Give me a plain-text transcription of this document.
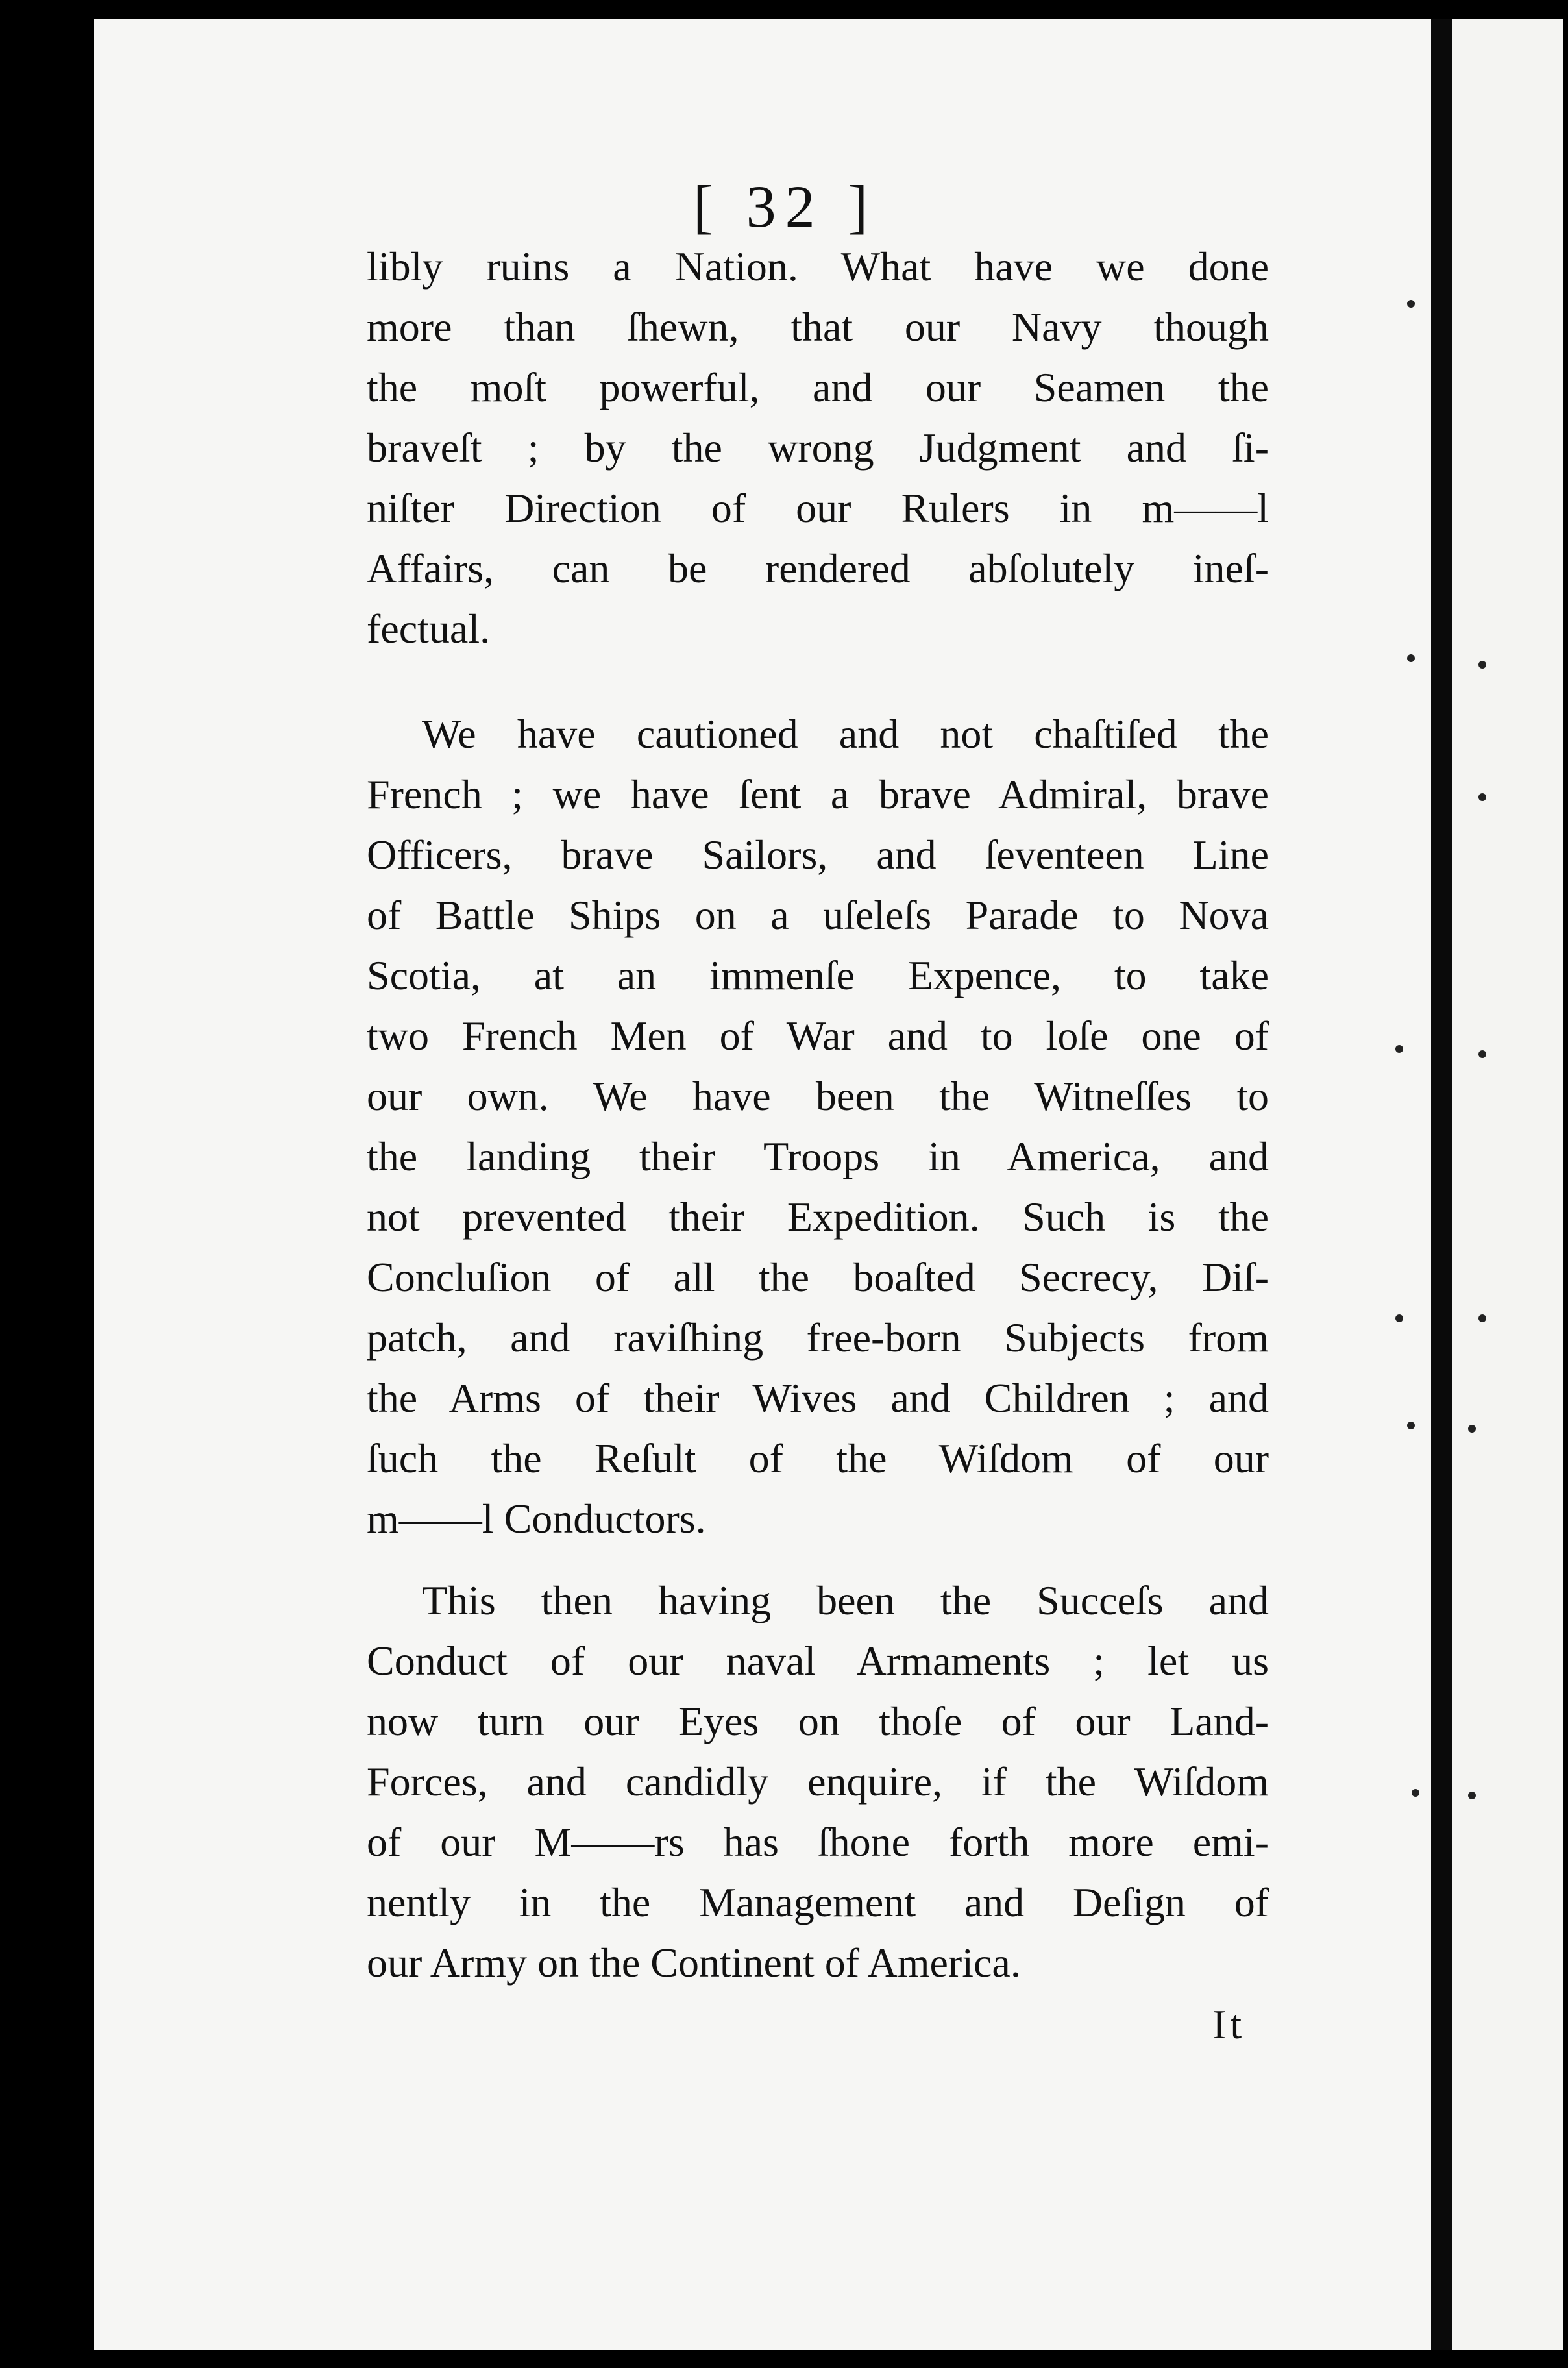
[ 32 ]
libly ruins a Nation. What have we done
more than ſhewn, that our Navy though
the moſt powerful, and our Seamen the
braveſt ; by the wrong Judgment and ſi-
niſter Direction of our Rulers in m——l
Affairs, can be rendered abſolutely ineſ-
fectual.
We have cautioned and not chaſtiſed the
French ; we have ſent a brave Admiral, brave
Officers, brave Sailors, and ſeventeen Line
of Battle Ships on a uſeleſs Parade to Nova
Scotia, at an immenſe Expence, to take
two French Men of War and to loſe one of
our own. We have been the Witneſſes to
the landing their Troops in America, and
not prevented their Expedition. Such is the
Concluſion of all the boaſted Secrecy, Diſ-
patch, and raviſhing free-born Subjects from
the Arms of their Wives and Children ; and
ſuch the Reſult of the Wiſdom of our
m——l Conductors.
This then having been the Succeſs and
Conduct of our naval Armaments ; let us
now turn our Eyes on thoſe of our Land-
Forces, and candidly enquire, if the Wiſdom
of our M——rs has ſhone forth more emi-
nently in the Management and Deſign of
our Army on the Continent of America.
It
